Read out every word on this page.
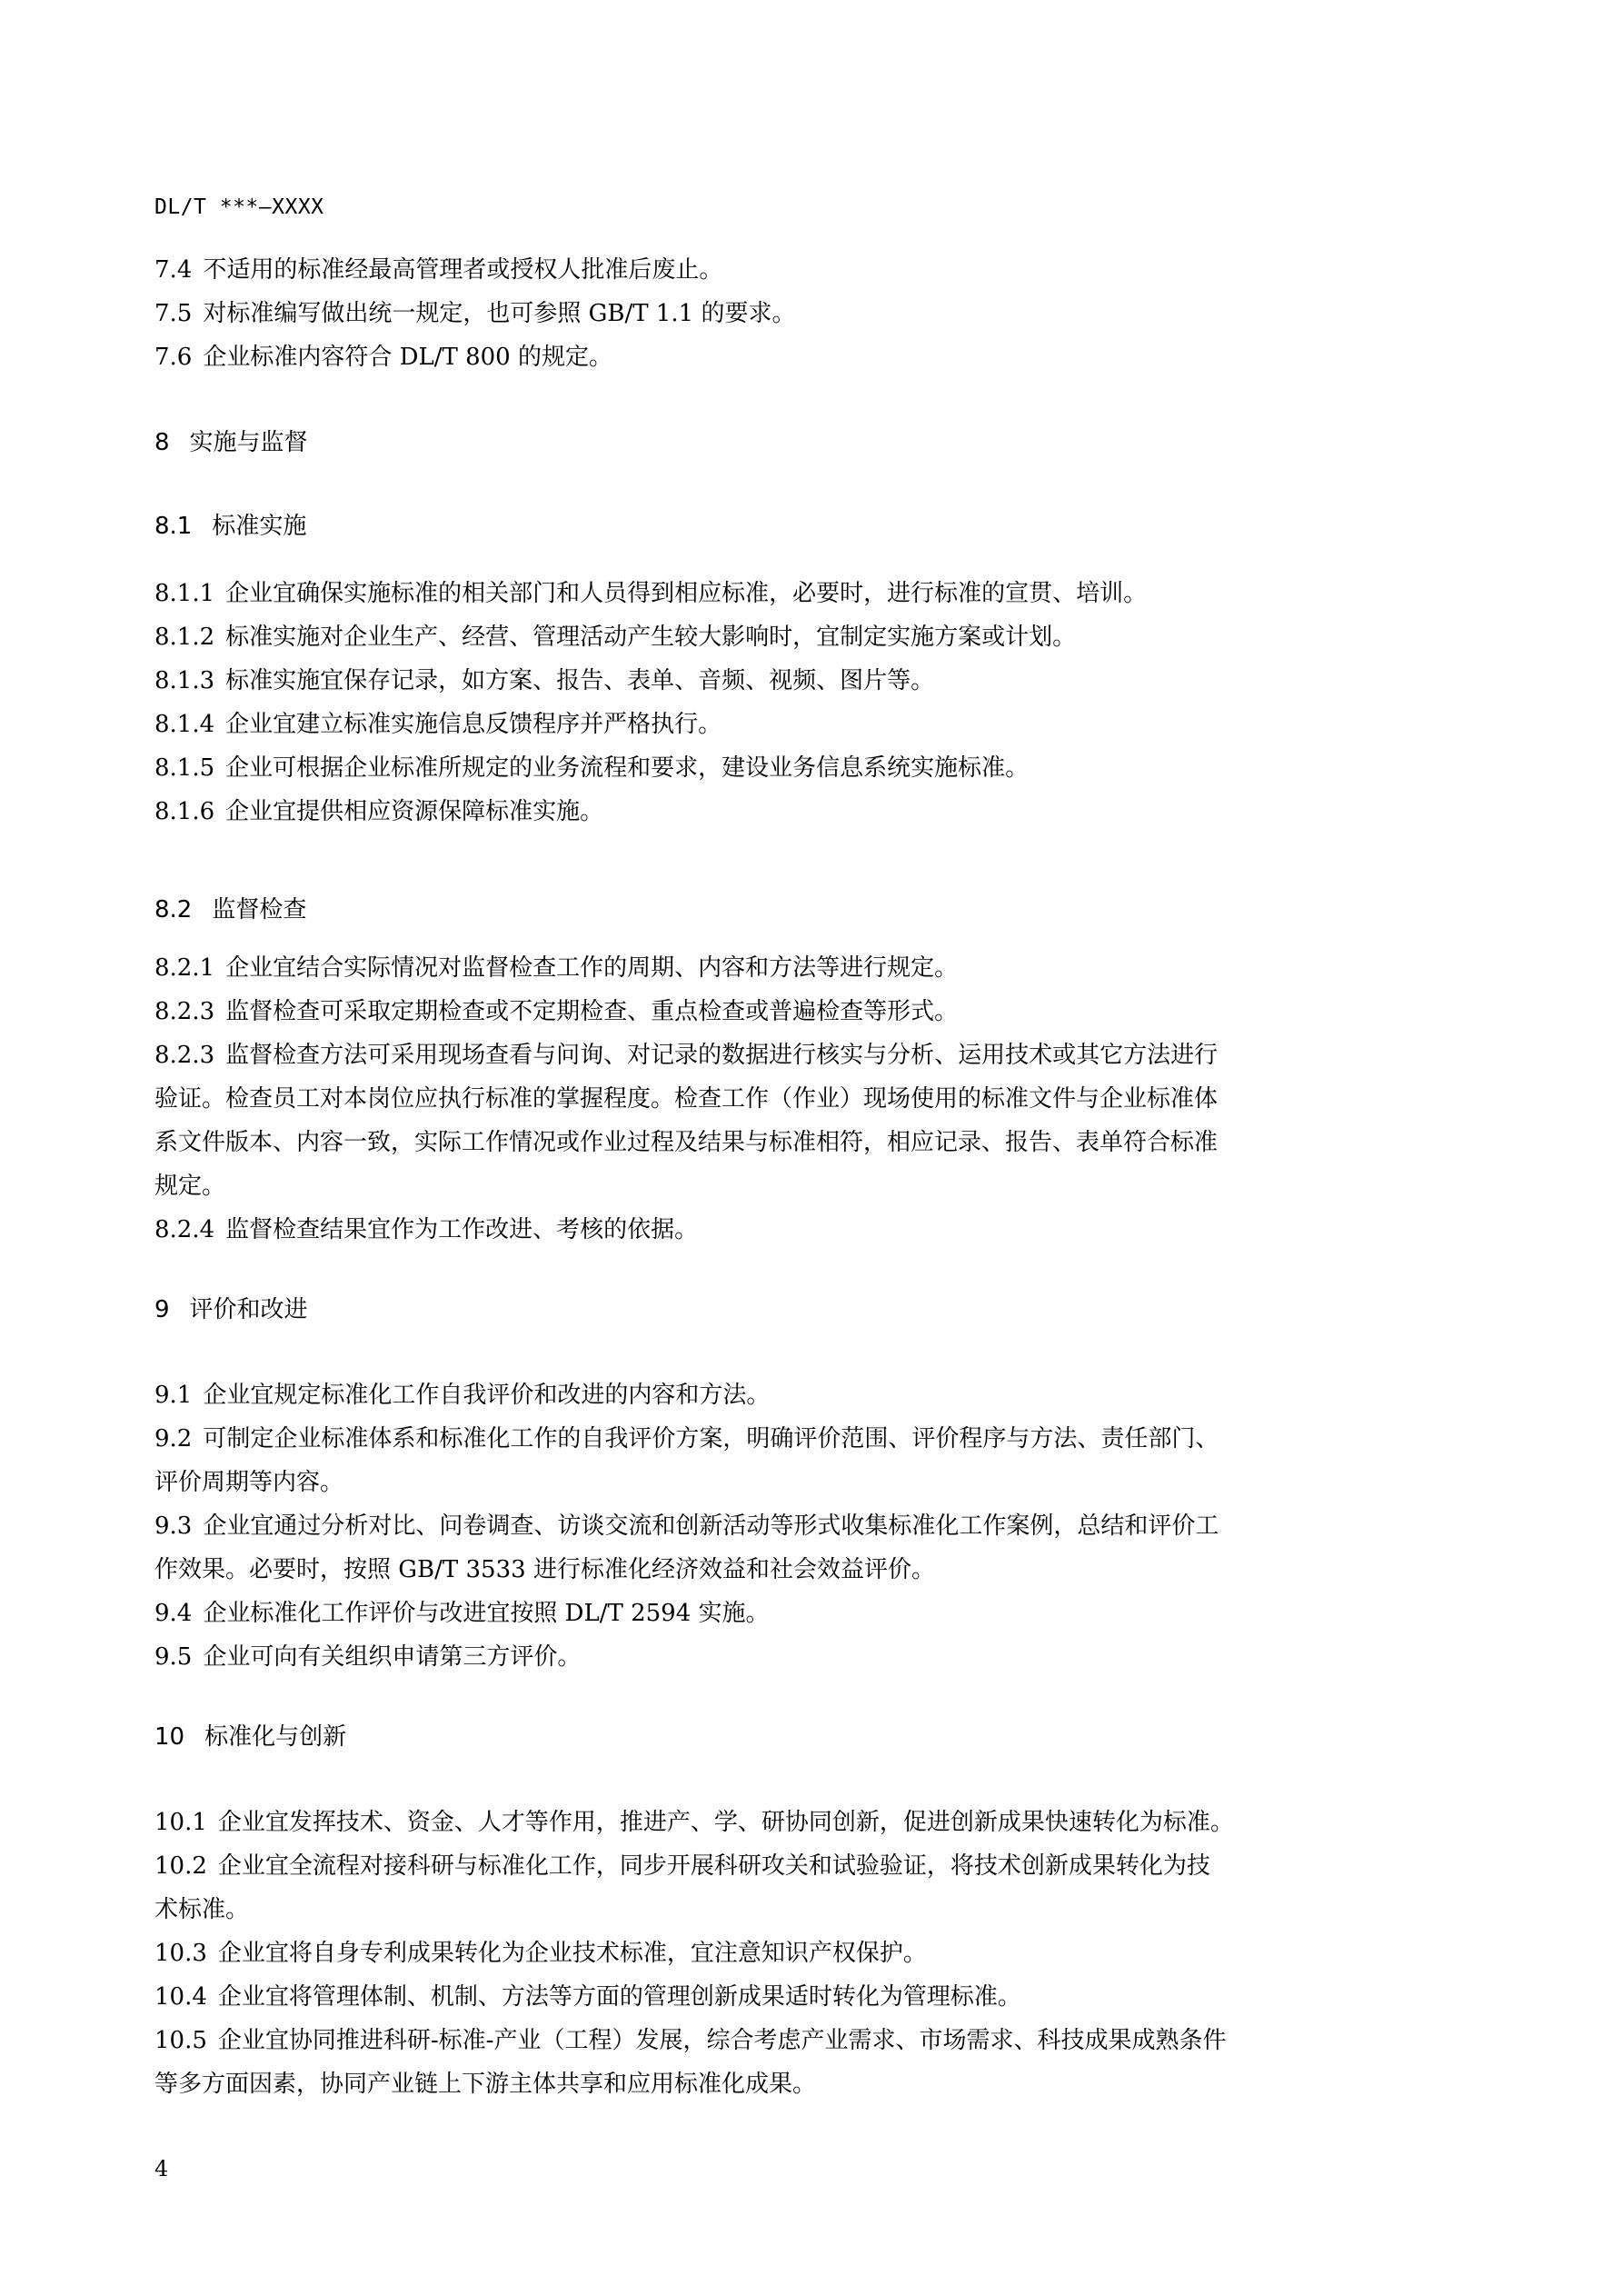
DL/T ***—XXXX
7.4 不适用的标准经最高管理者或授权人批准后废止。
7.5 对标准编写做出统一规定，也可参照 GB/T 1.1 的要求。
7.6 企业标准内容符合 DL/T 800 的规定。
8 实施与监督
8.1 标准实施
8.1.1 企业宜确保实施标准的相关部门和人员得到相应标准，必要时，进行标准的宣贯、培训。
8.1.2 标准实施对企业生产、经营、管理活动产生较大影响时，宜制定实施方案或计划。
8.1.3 标准实施宜保存记录，如方案、报告、表单、音频、视频、图片等。
8.1.4 企业宜建立标准实施信息反馈程序并严格执行。
8.1.5 企业可根据企业标准所规定的业务流程和要求，建设业务信息系统实施标准。
8.1.6 企业宜提供相应资源保障标准实施。
8.2 监督检查
8.2.1 企业宜结合实际情况对监督检查工作的周期、内容和方法等进行规定。
8.2.3 监督检查可采取定期检查或不定期检查、重点检查或普遍检查等形式。
8.2.3 监督检查方法可采用现场查看与问询、对记录的数据进行核实与分析、运用技术或其它方法进行
验证。检查员工对本岗位应执行标准的掌握程度。检查工作（作业）现场使用的标准文件与企业标准体
系文件版本、内容一致，实际工作情况或作业过程及结果与标准相符，相应记录、报告、表单符合标准
规定。
8.2.4 监督检查结果宜作为工作改进、考核的依据。
9 评价和改进
9.1 企业宜规定标准化工作自我评价和改进的内容和方法。
9.2 可制定企业标准体系和标准化工作的自我评价方案，明确评价范围、评价程序与方法、责任部门、
评价周期等内容。
9.3 企业宜通过分析对比、问卷调查、访谈交流和创新活动等形式收集标准化工作案例，总结和评价工
作效果。必要时，按照 GB/T 3533 进行标准化经济效益和社会效益评价。
9.4 企业标准化工作评价与改进宜按照 DL/T 2594 实施。
9.5 企业可向有关组织申请第三方评价。
10 标准化与创新
10.1 企业宜发挥技术、资金、人才等作用，推进产、学、研协同创新，促进创新成果快速转化为标准。
10.2 企业宜全流程对接科研与标准化工作，同步开展科研攻关和试验验证，将技术创新成果转化为技
术标准。
10.3 企业宜将自身专利成果转化为企业技术标准，宜注意知识产权保护。
10.4 企业宜将管理体制、机制、方法等方面的管理创新成果适时转化为管理标准。
10.5 企业宜协同推进科研-标准-产业（工程）发展，综合考虑产业需求、市场需求、科技成果成熟条件
等多方面因素，协同产业链上下游主体共享和应用标准化成果。
4
